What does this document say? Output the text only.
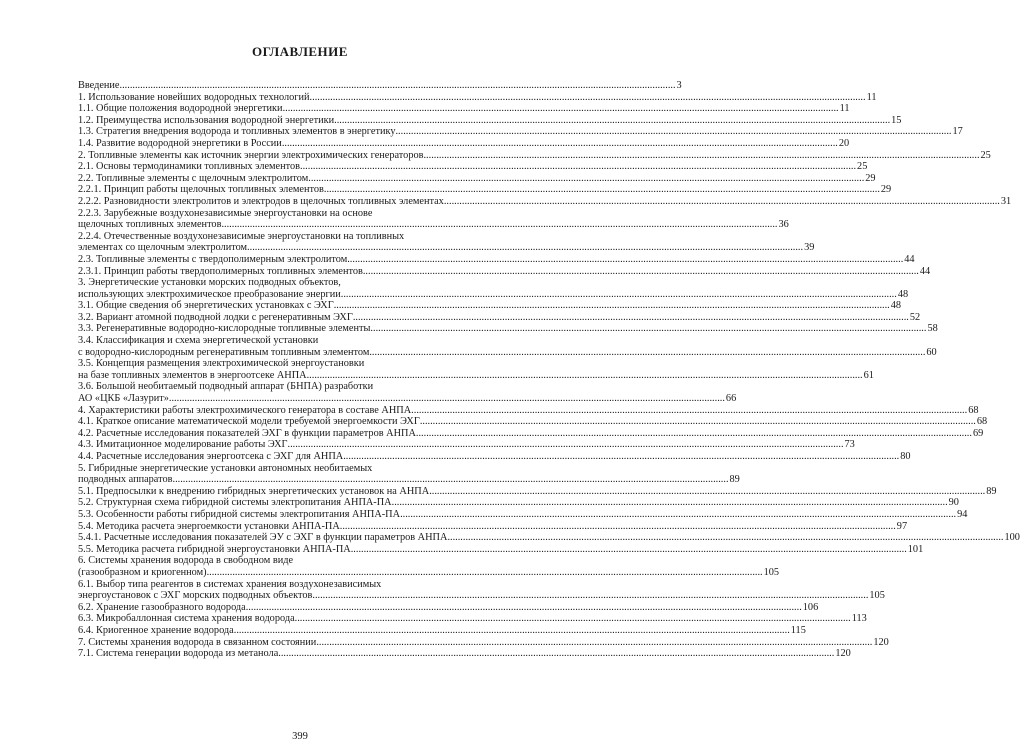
ОГЛАВЛЕНИЕ
Введение .....	3
1. Использование новейших водородных технологий .....	11
1.1. Общие положения водородной энергетики .....	11
1.2. Преимущества использования водородной энергетики .....	15
1.3. Стратегия внедрения водорода и топливных элементов в энергетику .....	17
1.4. Развитие водородной энергетики в России .....	20
2. Топливные элементы как источник энергии электрохимических генераторов .....	25
2.1. Основы термодинамики топливных элементов .....	25
2.2. Топливные элементы с щелочным электролитом .....	29
2.2.1. Принцип работы щелочных топливных элементов .....	29
2.2.2. Разновидности электролитов и электродов в щелочных топливных элементах .....	31
2.2.3. Зарубежные воздухонезависимые энергоустановки на основе
щелочных топливных элементов .....	36
2.2.4. Отечественные воздухонезависимые энергоустановки на топливных
элементах со щелочным электролитом .....	39
2.3. Топливные элементы с твердополимерным электролитом .....	44
2.3.1. Принцип работы твердополимерных топливных элементов .....	44
3. Энергетические установки морских подводных объектов,
использующих электрохимическое преобразование энергии .....	48
3.1. Общие сведения об энергетических установках с ЭХГ .....	48
3.2. Вариант атомной подводной лодки с регенеративным ЭХГ .....	52
3.3. Регенеративные водородно-кислородные топливные элементы .....	58
3.4. Классификация и схема энергетической установки
с водородно-кислородным регенеративным топливным элементом .....	60
3.5. Концепция размещения электрохимической энергоустановки
на базе топливных элементов в энергоотсеке АНПА .....	61
3.6. Большой необитаемый подводный аппарат (БНПА) разработки
АО «ЦКБ «Лазурит» .....	66
4. Характеристики работы электрохимического генератора в составе АНПА .....	68
4.1. Краткое описание математической модели требуемой энергоемкости ЭХГ .....	68
4.2. Расчетные исследования показателей ЭХГ в функции параметров АНПА .....	69
4.3. Имитационное моделирование работы ЭХГ .....	73
4.4. Расчетные исследования энергоотсека с ЭХГ для АНПА .....	80
5. Гибридные энергетические установки автономных необитаемых
подводных аппаратов .....	89
5.1. Предпосылки к внедрению гибридных энергетических установок на АНПА .....	89
5.2. Структурная схема гибридной системы электропитания АНПА-ПА .....	90
5.3. Особенности работы гибридной системы электропитания АНПА-ПА .....	94
5.4. Методика расчета энергоемкости установки АНПА-ПА .....	97
5.4.1. Расчетные исследования показателей ЭУ с ЭХГ в функции параметров АНПА .....	100
5.5. Методика расчета гибридной энергоустановки АНПА-ПА .....	101
6. Системы хранения водорода в свободном виде
(газообразном и криогенном) .....	105
6.1. Выбор типа реагентов в системах хранения воздухонезависимых
энергоустановок с ЭХГ морских подводных объектов .....	105
6.2. Хранение газообразного водорода .....	106
6.3. Микробаллонная система хранения водорода .....	113
6.4. Криогенное хранение водорода .....	115
7. Системы хранения водорода в связанном состоянии .....	120
7.1. Система генерации водорода из метанола .....	120
399
